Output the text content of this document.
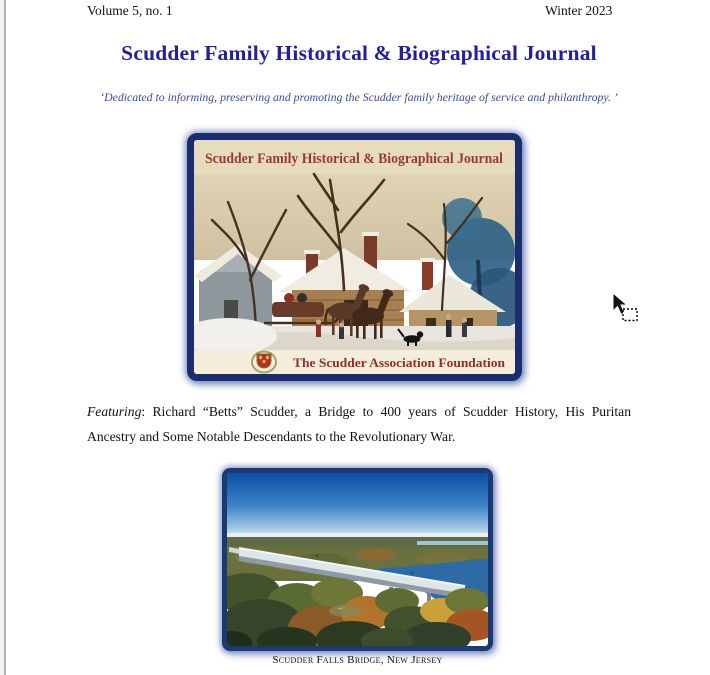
Volume 5, no. 1	Winter 2023
Scudder Family Historical & Biographical Journal
‘Dedicated to informing, preserving and promoting the Scudder family heritage of service and philanthropy. ’
Scudder Family Historical & Biographical Journal
The Scudder Association Foundation

Featuring: Richard “Betts” Scudder, a Bridge to 400 years of Scudder History, His Puritan Ancestry and Some Notable Descendants to the Revolutionary War.

Scudder Falls Bridge, New Jersey
